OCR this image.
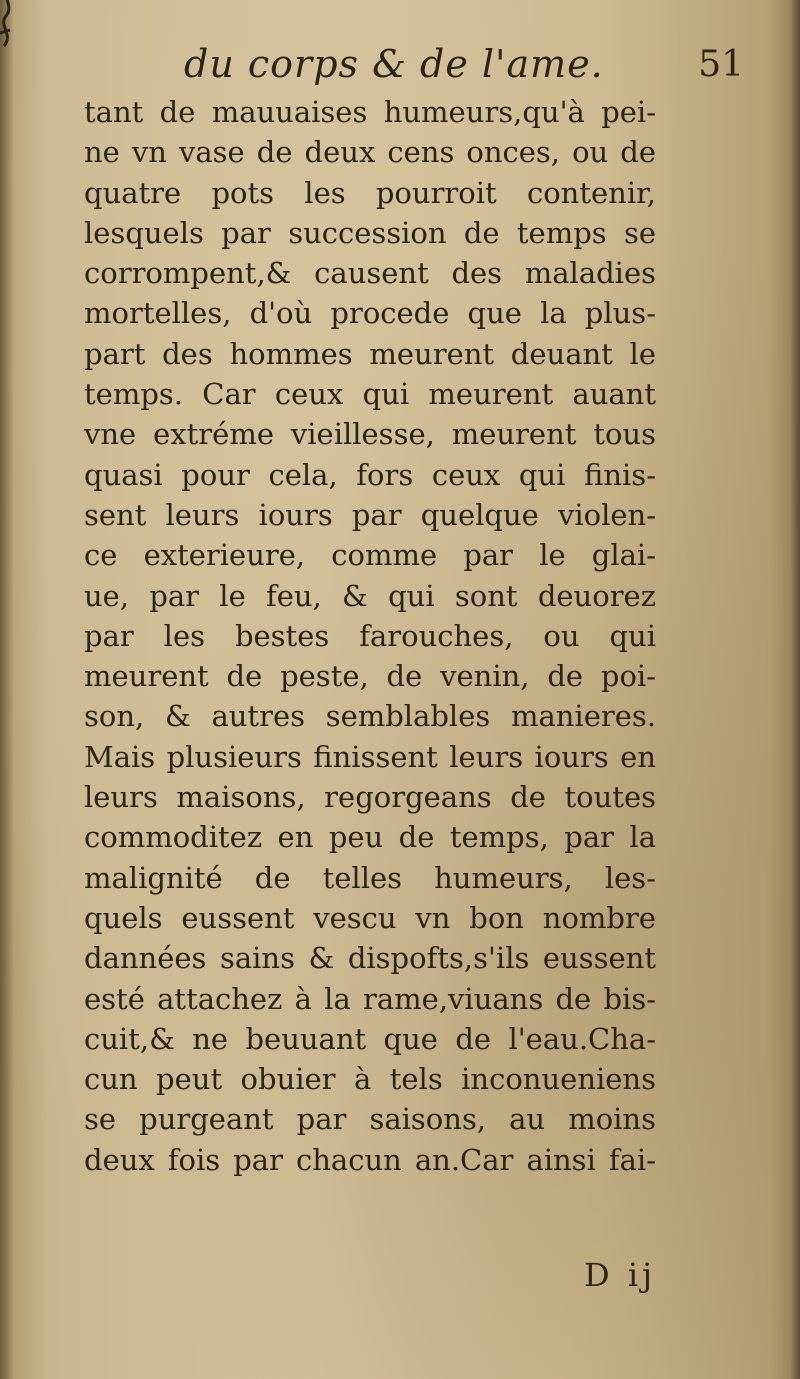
du corps & de l'ame.	51
tant de mauuaises humeurs,qu'à pei-
ne vn vase de deux cens onces, ou de
quatre pots les pourroit contenir,
lesquels par succession de temps se
corrompent,& causent des maladies
mortelles, d'où procede que la plus-
part des hommes meurent deuant le
temps. Car ceux qui meurent auant
vne extréme vieillesse, meurent tous
quasi pour cela, fors ceux qui finis-
sent leurs iours par quelque violen-
ce exterieure, comme par le glai-
ue, par le feu, & qui sont deuorez
par les bestes farouches, ou qui
meurent de peste, de venin, de poi-
son, & autres semblables manieres.
Mais plusieurs finissent leurs iours en
leurs maisons, regorgeans de toutes
commoditez en peu de temps, par la
malignité de telles humeurs, les-
quels eussent vescu vn bon nombre
dannées sains & dispofts,s'ils eussent
esté attachez à la rame,viuans de bis-
cuit,& ne beuuant que de l'eau.Cha-
cun peut obuier à tels inconueniens
se purgeant par saisons, au moins
deux fois par chacun an.Car ainsi fai-
D ij
